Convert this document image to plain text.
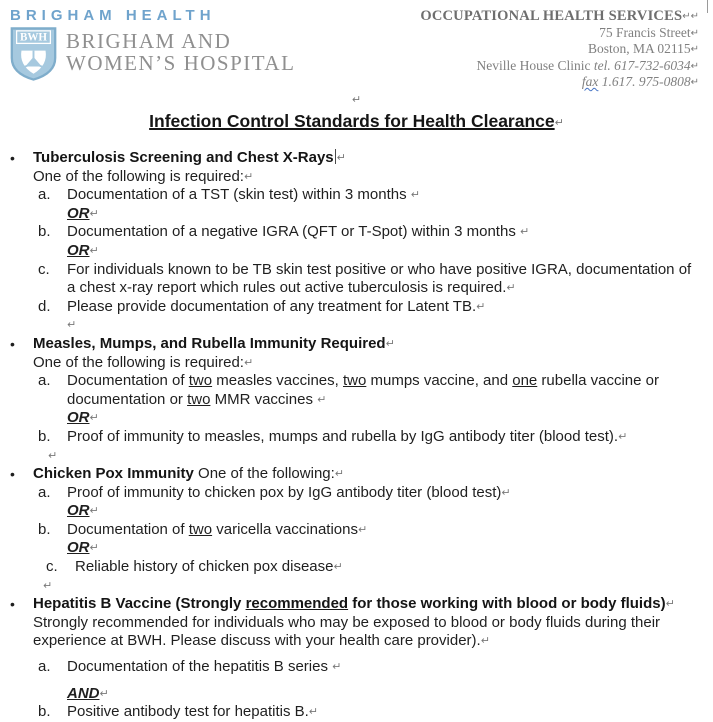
BRIGHAM HEALTH
BWH BRIGHAM AND
WOMEN’S HOSPITAL
OCCUPATIONAL HEALTH SERVICES↵↵
75 Francis Street↵
Boston, MA 02115↵
Neville House Clinic tel. 617-732-6034↵
fax 1.617. 975-0808↵
↵
Infection Control Standards for Health Clearance↵
•	Tuberculosis Screening and Chest X-Rays ↵
One of the following is required:↵
a.	Documentation of a TST (skin test) within 3 months ↵
OR↵
b.	Documentation of a negative IGRA (QFT or T-Spot) within 3 months ↵
OR↵
c.	For individuals known to be TB skin test positive or who have positive IGRA, documentation of a chest x-ray report which rules out active tuberculosis is required.↵
d.	Please provide documentation of any treatment for Latent TB.↵
↵
•	Measles, Mumps, and Rubella Immunity Required↵
One of the following is required:↵
a.	Documentation of two measles vaccines, two mumps vaccine, and one rubella vaccine or documentation or two MMR vaccines ↵
OR↵
b.	Proof of immunity to measles, mumps and rubella by IgG antibody titer (blood test).↵
↵
•	Chicken Pox Immunity One of the following:↵
a.	Proof of immunity to chicken pox by IgG antibody titer (blood test)↵
OR↵
b.	Documentation of two varicella vaccinations↵
OR↵
c.	Reliable history of chicken pox disease↵
↵
•	Hepatitis B Vaccine (Strongly recommended for those working with blood or body fluids)↵
Strongly recommended for individuals who may be exposed to blood or body fluids during their experience at BWH. Please discuss with your health care provider).↵
a.	Documentation of the hepatitis B series ↵
AND↵
b.	Positive antibody test for hepatitis B.↵
